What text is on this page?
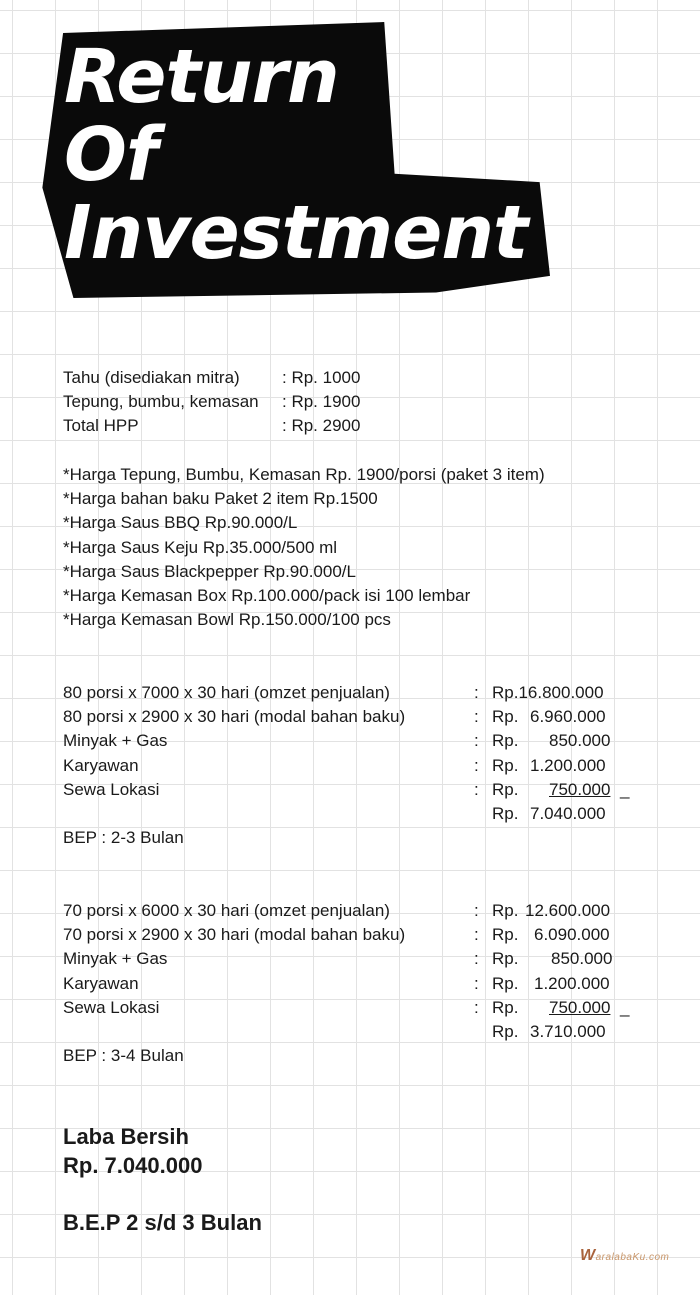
Return
Of
Investment
Tahu (disediakan mitra) : Rp. 1000
Tepung, bumbu, kemasan : Rp. 1900
Total HPP	: Rp. 2900
*Harga Tepung, Bumbu, Kemasan Rp. 1900/porsi (paket 3 item)
*Harga bahan baku Paket 2 item Rp.1500
*Harga Saus BBQ Rp.90.000/L
*Harga Saus Keju Rp.35.000/500 ml
*Harga Saus Blackpepper Rp.90.000/L
*Harga Kemasan Box Rp.100.000/pack isi 100 lembar
*Harga Kemasan Bowl Rp.150.000/100 pcs
80 porsi x 7000 x 30 hari (omzet penjualan)	: Rp.16.800.000
80 porsi x 2900 x 30 hari (modal bahan baku)	: Rp. 6.960.000
Minyak + Gas	: Rp. 850.000
Karyawan	: Rp. 1.200.000
Sewa Lokasi	: Rp. 750.000 _
Rp. 7.040.000
BEP : 2-3 Bulan
70 porsi x 6000 x 30 hari (omzet penjualan)	: Rp. 12.600.000
70 porsi x 2900 x 30 hari (modal bahan baku)	: Rp. 6.090.000
Minyak + Gas	: Rp. 850.000
Karyawan	: Rp. 1.200.000
Sewa Lokasi	: Rp. 750.000 _
Rp. 3.710.000
BEP : 3-4 Bulan
Laba Bersih
Rp. 7.040.000
B.E.P 2 s/d 3 Bulan
WaralabaKu.com
